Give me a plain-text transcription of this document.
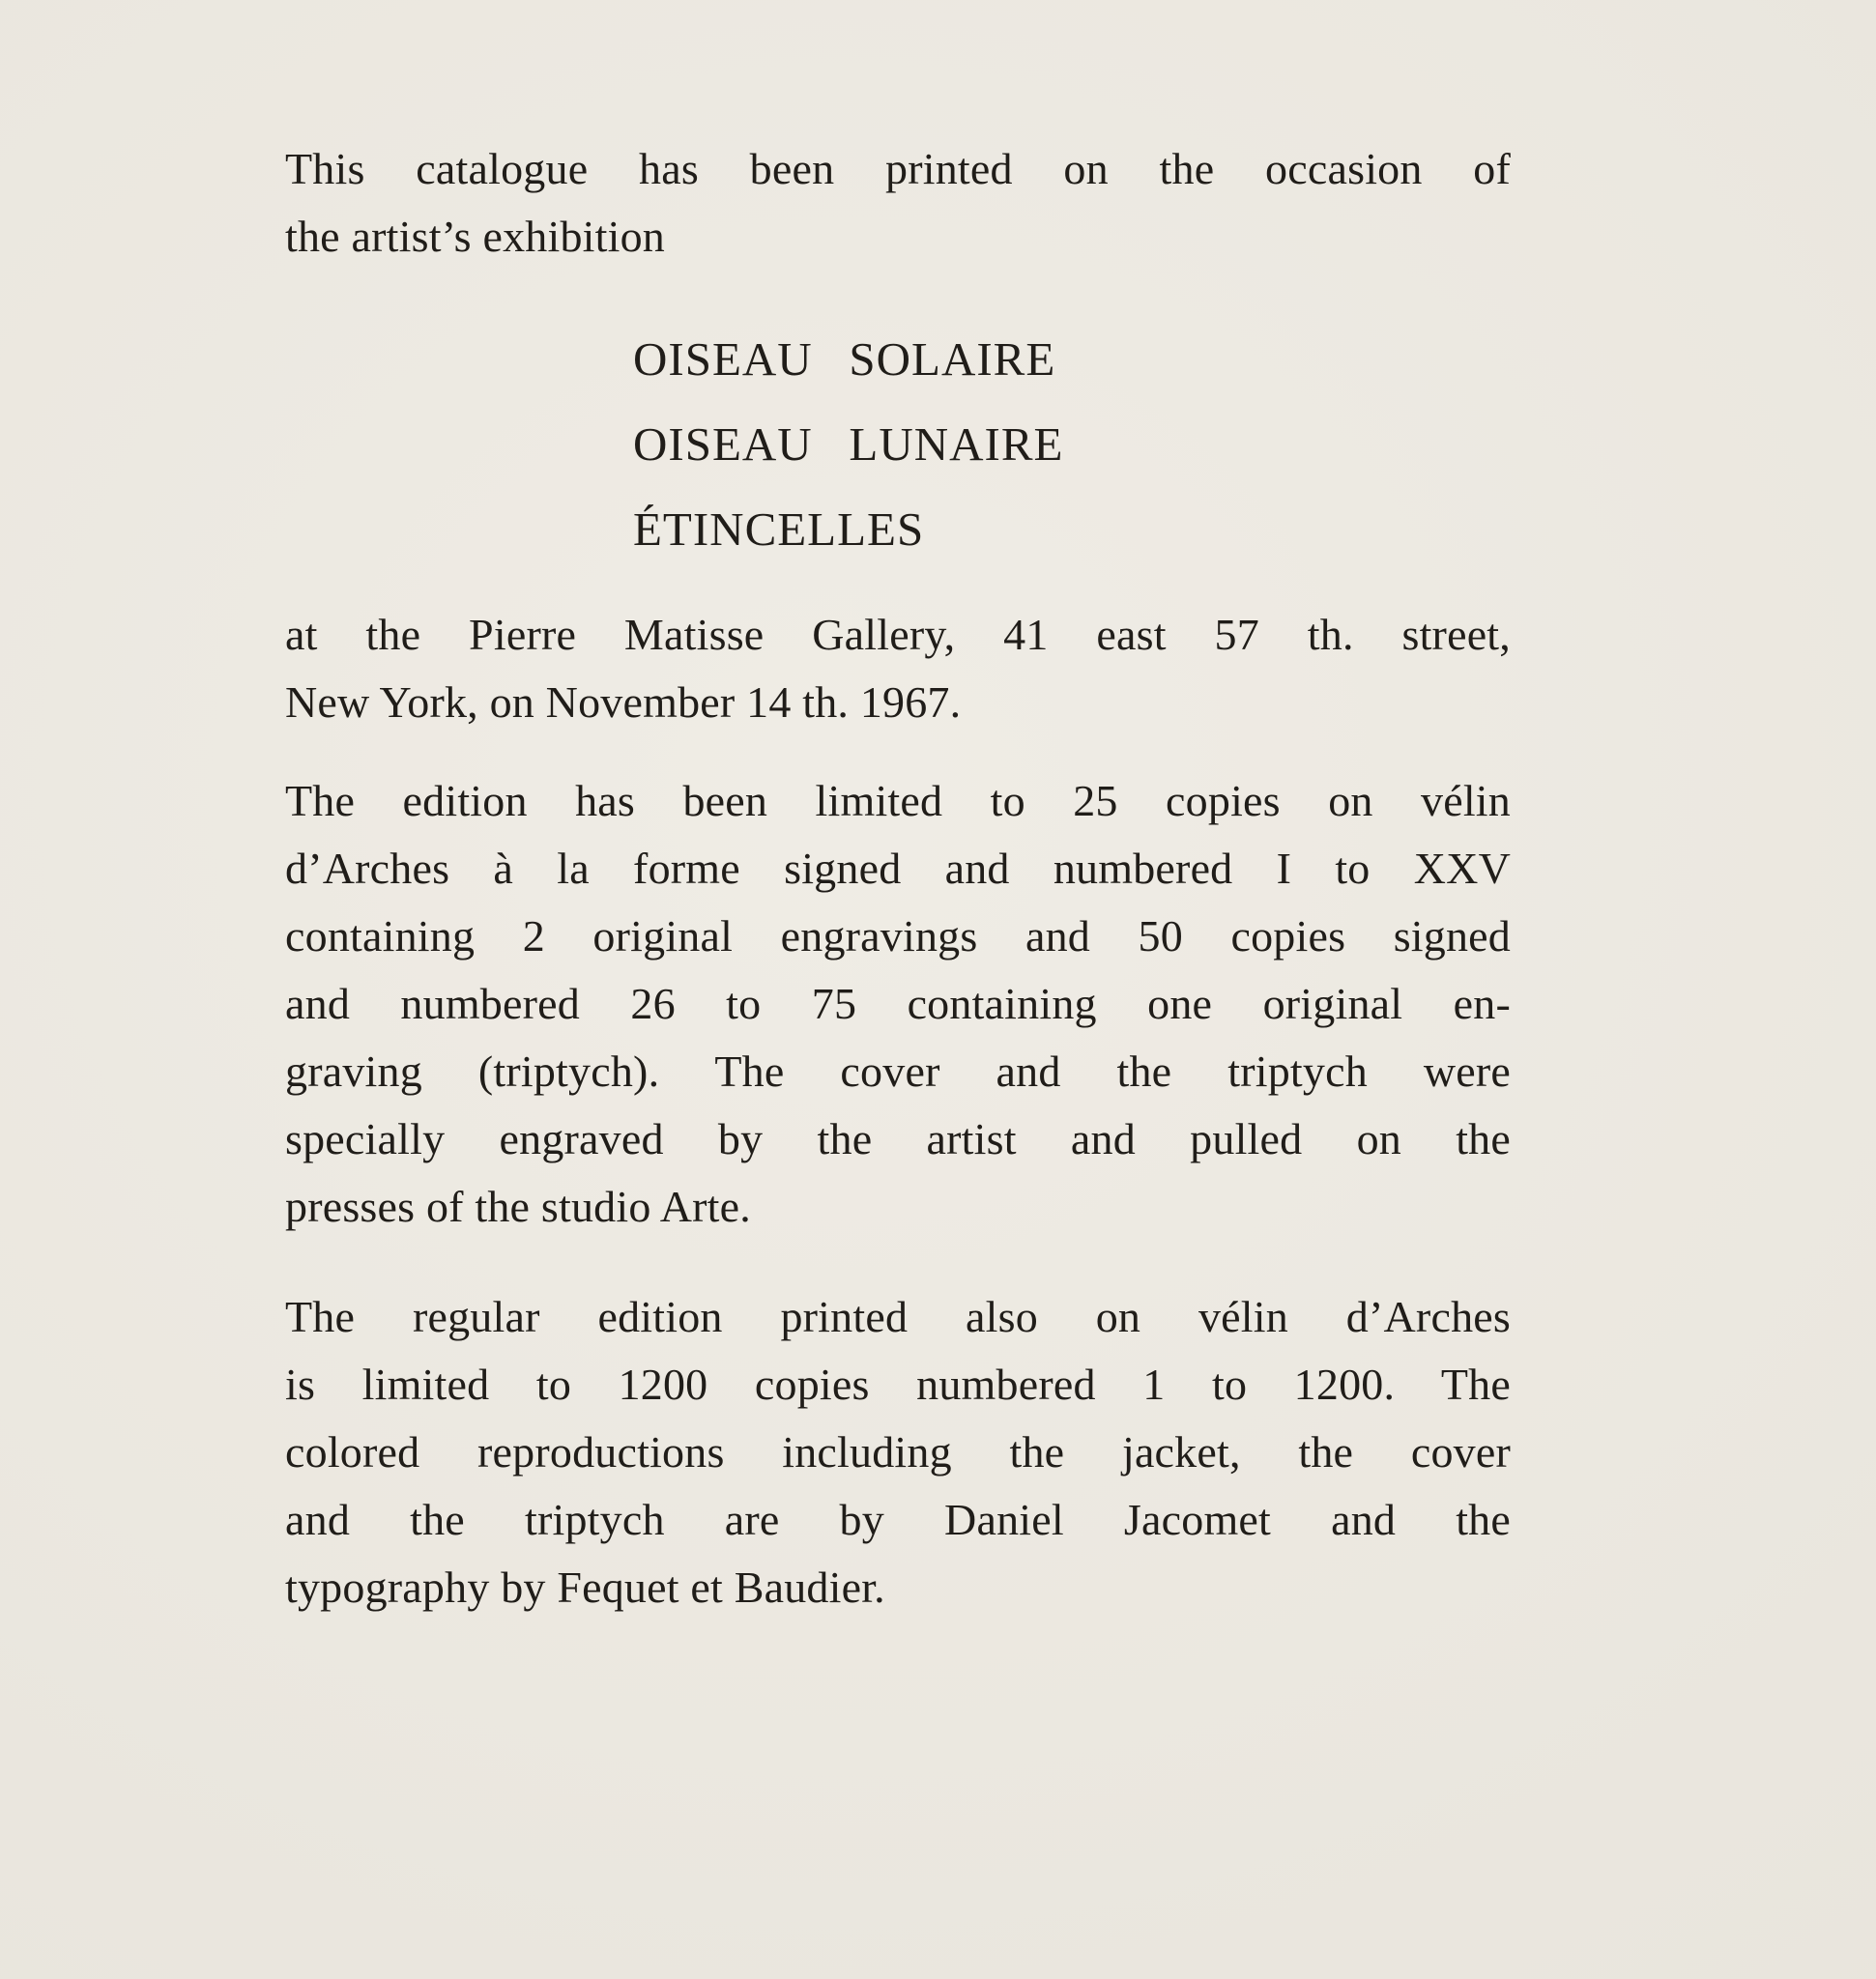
This catalogue has been printed on the occasion of
the artist’s exhibition
OISEAU SOLAIRE
OISEAU LUNAIRE
ÉTINCELLES
at the Pierre Matisse Gallery, 41 east 57 th. street,
New York, on November 14 th. 1967.
The edition has been limited to 25 copies on vélin
d’Arches à la forme signed and numbered I to XXV
containing 2 original engravings and 50 copies signed
and numbered 26 to 75 containing one original en-
graving (triptych). The cover and the triptych were
specially engraved by the artist and pulled on the
presses of the studio Arte.
The regular edition printed also on vélin d’Arches
is limited to 1200 copies numbered 1 to 1200. The
colored reproductions including the jacket, the cover
and the triptych are by Daniel Jacomet and the
typography by Fequet et Baudier.
